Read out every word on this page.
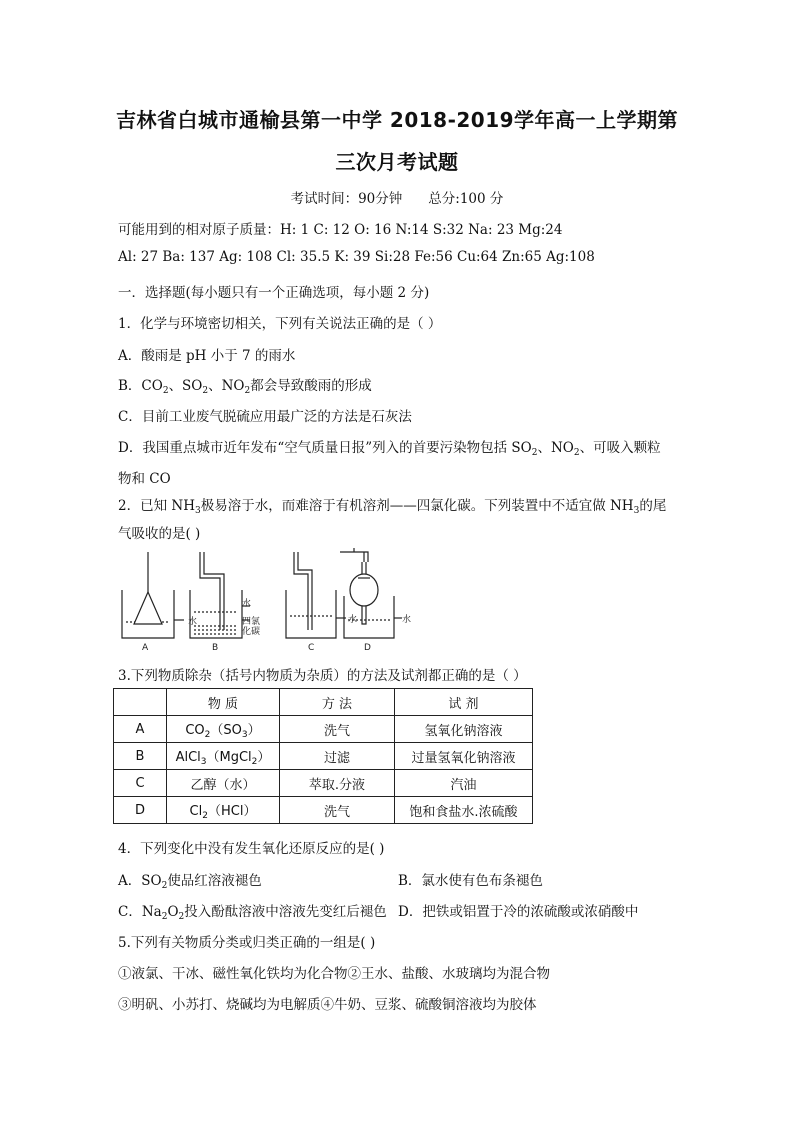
吉林省白城市通榆县第一中学 2018-2019学年高一上学期第
三次月考试题
考试时间：90分钟 总分:100 分
可能用到的相对原子质量：H: 1 C: 12 O: 16 N:14 S:32 Na: 23 Mg:24
Al: 27 Ba: 137 Ag: 108 Cl: 35.5 K: 39 Si:28 Fe:56 Cu:64 Zn:65 Ag:108
一．选择题(每小题只有一个正确选项，每小题 2 分)
1．化学与环境密切相关，下列有关说法正确的是（ ）
A．酸雨是 pH 小于 7 的雨水
B．$CO_2$、$SO_2$、$NO_2$都会导致酸雨的形成
C．目前工业废气脱硫应用最广泛的方法是石灰法
D．我国重点城市近年发布“空气质量日报”列入的首要污染物包括 $SO_2$、$NO_2$、可吸入颗粒
物和 CO
2．已知 $NH_3$极易溶于水，而难溶于有机溶剂——四氯化碳。下列装置中不适宜做 $NH_3$的尾
气吸收的是( )
水
水
四氯
化碳
水	水
A	B	C	D
3.下列物质除杂（括号内物质为杂质）的方法及试剂都正确的是（ ）
	物 质	方 法	试 剂
A	$CO_2(SO_3)$	洗气	氢氧化钠溶液
B	AlCl$_3$（MgCl$_2$）	过滤	过量氢氧化钠溶液
C	乙醇（水）	萃取.分液	汽油
D	$Cl_2(HCl)$	洗气	饱和食盐水.浓硫酸
4．下列变化中没有发生氧化还原反应的是( )
A．$SO_2$使品红溶液褪色	B．氯水使有色布条褪色
C．$Na_2O_2$投入酚酞溶液中溶液先变红后褪色 D．把铁或铝置于冷的浓硫酸或浓硝酸中
5.下列有关物质分类或归类正确的一组是( )
①液氯、干冰、磁性氧化铁均为化合物②王水、盐酸、水玻璃均为混合物
③明矾、小苏打、烧碱均为电解质④牛奶、豆浆、硫酸铜溶液均为胶体
